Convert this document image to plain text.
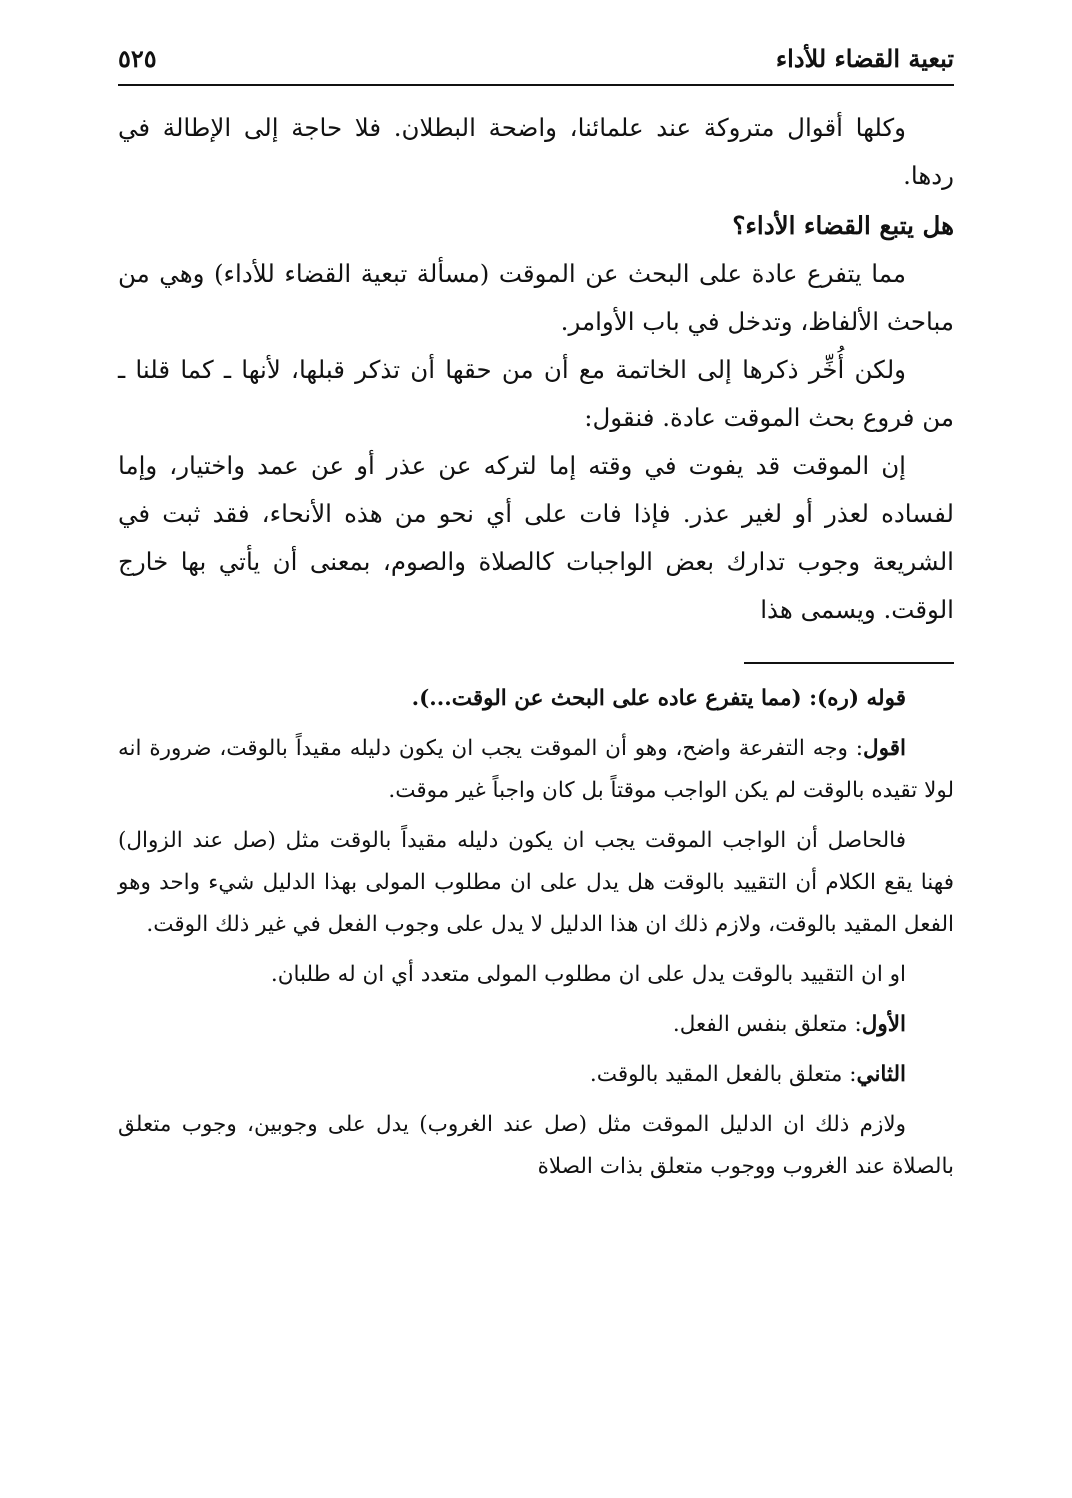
تبعية القضاء للأداء
٥٢٥

وكلها أقوال متروكة عند علمائنا، واضحة البطلان. فلا حاجة إلى الإطالة في ردها.

هل يتبع القضاء الأداء؟

مما يتفرع عادة على البحث عن الموقت (مسألة تبعية القضاء للأداء) وهي من مباحث الألفاظ، وتدخل في باب الأوامر.

ولكن أُخِّر ذكرها إلى الخاتمة مع أن من حقها أن تذكر قبلها، لأنها ـ كما قلنا ـ من فروع بحث الموقت عادة. فنقول:

إن الموقت قد يفوت في وقته إما لتركه عن عذر أو عن عمد واختيار، وإما لفساده لعذر أو لغير عذر. فإذا فات على أي نحو من هذه الأنحاء، فقد ثبت في الشريعة وجوب تدارك بعض الواجبات كالصلاة والصوم، بمعنى أن يأتي بها خارج الوقت. ويسمى هذا

قوله (ره): (مما يتفرع عاده على البحث عن الوقت...).

اقول: وجه التفرعة واضح، وهو أن الموقت يجب ان يكون دليله مقيداً بالوقت، ضرورة انه لولا تقيده بالوقت لم يكن الواجب موقتاً بل كان واجباً غير موقت.

فالحاصل أن الواجب الموقت يجب ان يكون دليله مقيداً بالوقت مثل (صل عند الزوال) فهنا يقع الكلام أن التقييد بالوقت هل يدل على ان مطلوب المولى بهذا الدليل شيء واحد وهو الفعل المقيد بالوقت، ولازم ذلك ان هذا الدليل لا يدل على وجوب الفعل في غير ذلك الوقت.

او ان التقييد بالوقت يدل على ان مطلوب المولى متعدد أي ان له طلبان.

الأول: متعلق بنفس الفعل.

الثاني: متعلق بالفعل المقيد بالوقت.

ولازم ذلك ان الدليل الموقت مثل (صل عند الغروب) يدل على وجوبين، وجوب متعلق بالصلاة عند الغروب ووجوب متعلق بذات الصلاة
